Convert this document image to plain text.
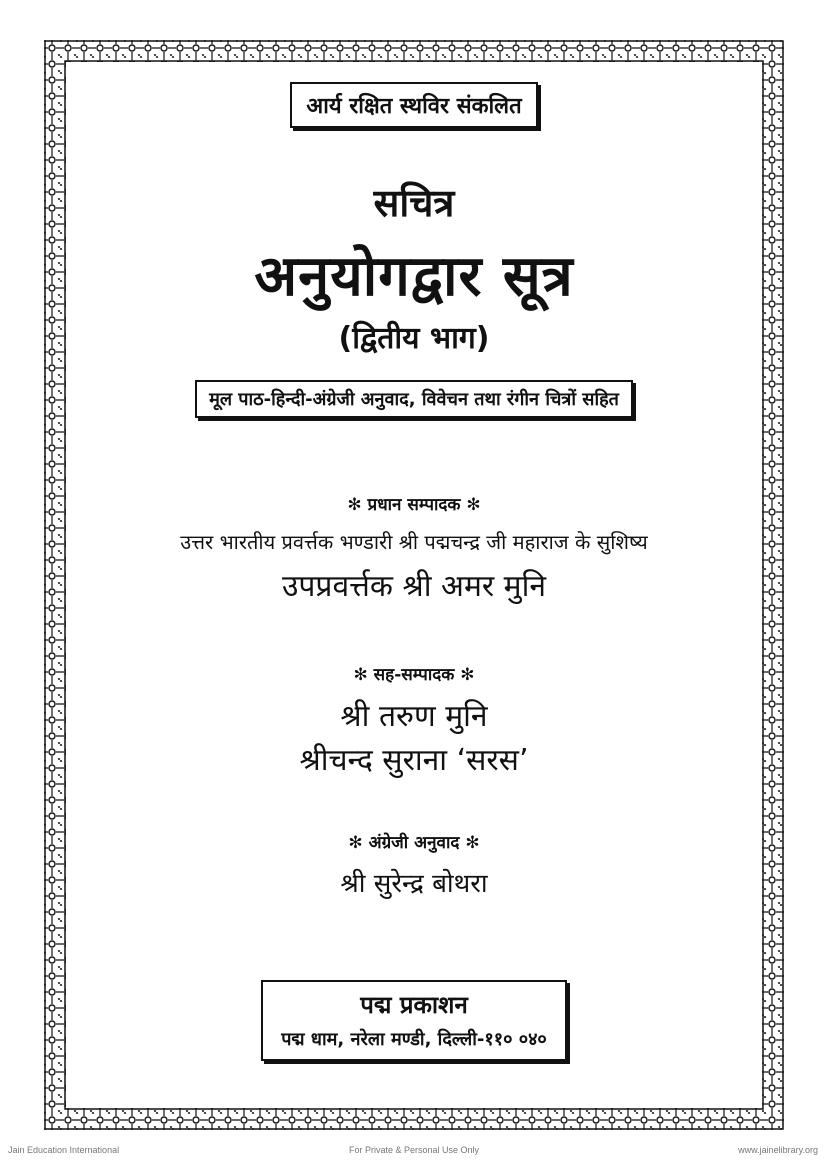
आर्य रक्षित स्थविर संकलित
सचित्र
अनुयोगद्वार सूत्र
(द्वितीय भाग)
मूल पाठ-हिन्दी-अंग्रेजी अनुवाद, विवेचन तथा रंगीन चित्रों सहित
✻ प्रधान सम्पादक ✻
उत्तर भारतीय प्रवर्त्तक भण्डारी श्री पद्मचन्द्र जी महाराज के सुशिष्य
उपप्रवर्त्तक श्री अमर मुनि
✻ सह-सम्पादक ✻
श्री तरुण मुनि
श्रीचन्द सुराना ‘सरस’
✻ अंग्रेजी अनुवाद ✻
श्री सुरेन्द्र बोथरा
पद्म प्रकाशन
पद्म धाम, नरेला मण्डी, दिल्ली-११० ०४०
Jain Education International	For Private & Personal Use Only	www.jainelibrary.org
